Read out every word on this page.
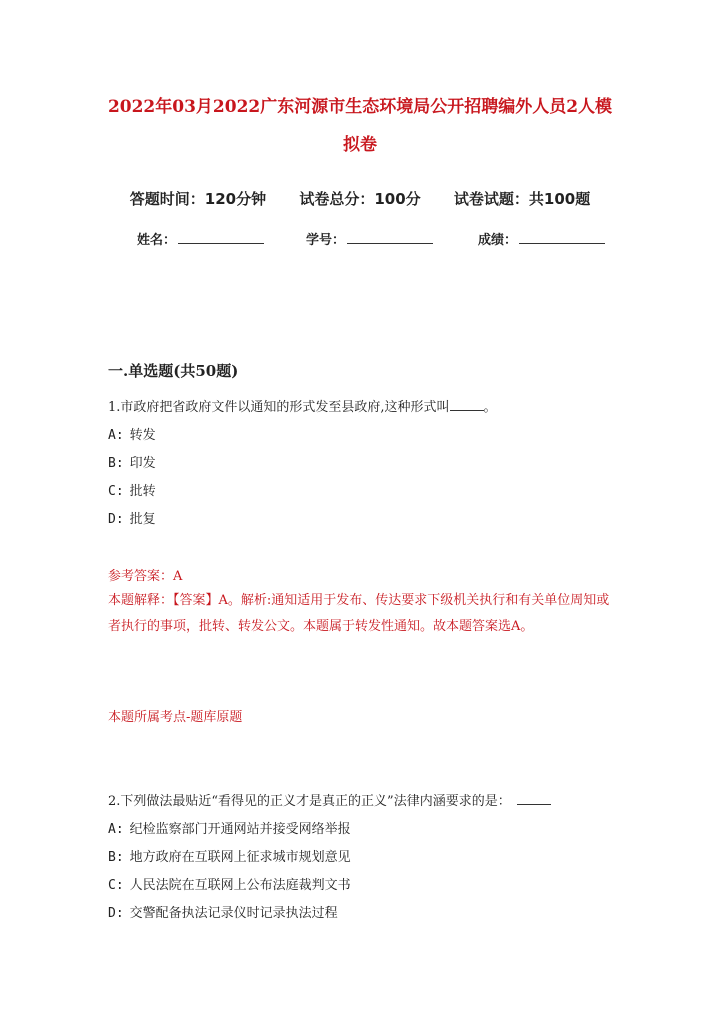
2022年03月2022广东河源市生态环境局公开招聘编外人员2人模
拟卷
答题时间：120分钟 试卷总分：100分 试卷试题：共100题
姓名：	学号：	成绩：
一.单选题(共50题)
1.市政府把省政府文件以通知的形式发至县政府,这种形式叫	。
A: 转发
B: 印发
C: 批转
D: 批复
参考答案：A
本题解释：【答案】A。解析:通知适用于发布、传达要求下级机关执行和有关单位周知或者执行的事项，批转、转发公文。本题属于转发性通知。故本题答案选A。
本题所属考点-题库原题
2.下列做法最贴近“看得见的正义才是真正的正义”法律内涵要求的是：
A: 纪检监察部门开通网站并接受网络举报
B: 地方政府在互联网上征求城市规划意见
C: 人民法院在互联网上公布法庭裁判文书
D: 交警配备执法记录仪时记录执法过程
